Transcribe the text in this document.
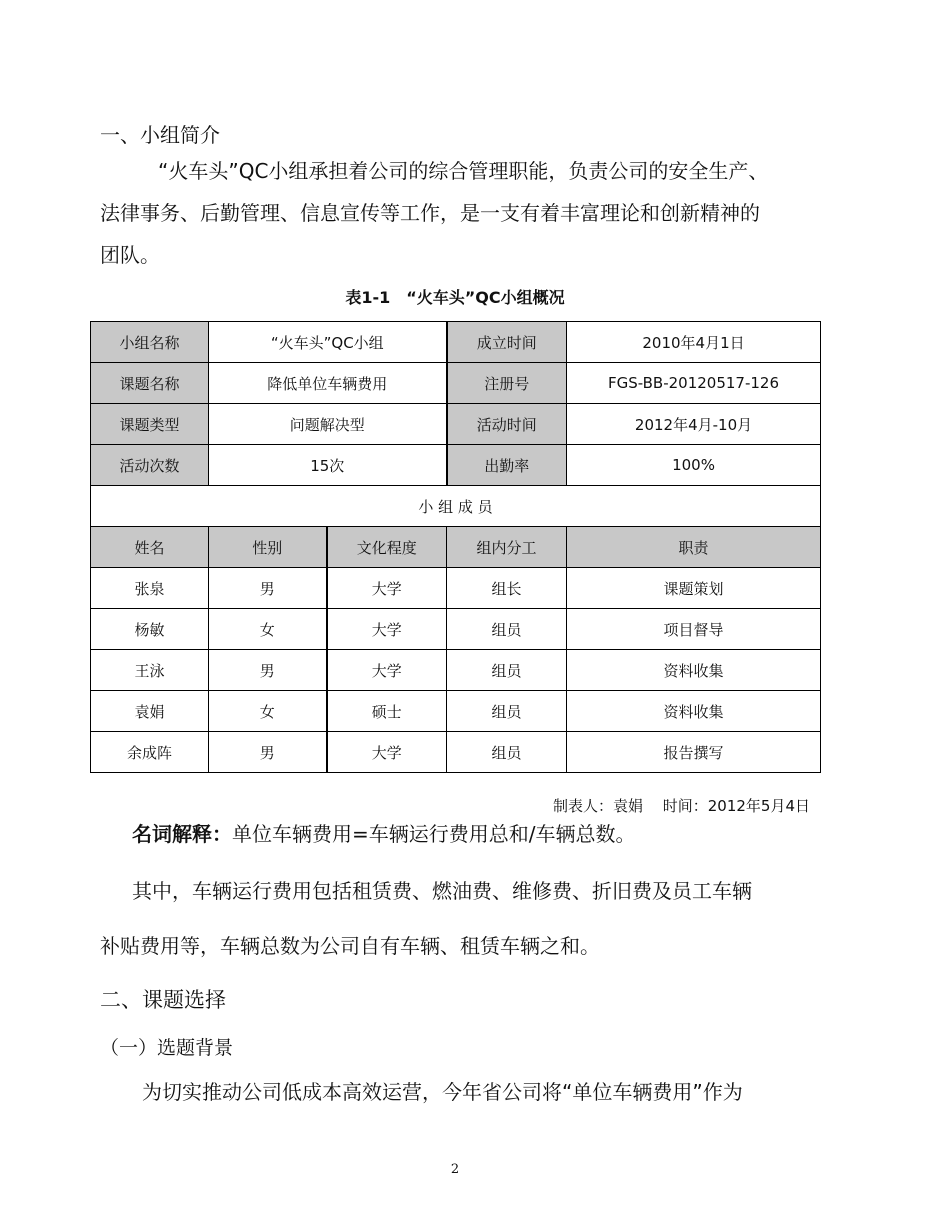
一、小组简介
“火车头”QC小组承担着公司的综合管理职能，负责公司的安全生产、
法律事务、后勤管理、信息宣传等工作，是一支有着丰富理论和创新精神的
团队。
表1-1　“火车头”QC小组概况
小组名称	“火车头”QC小组		成立时间	2010年4月1日
课题名称	降低单位车辆费用		注册号	FGS-BB-20120517-126
课题类型	问题解决型		活动时间	2012年4月-10月
活动次数	15次		出勤率	100%
小 组 成 员				
姓名	性别	文化程度	组内分工	职责
张泉	男	大学	组长	课题策划
杨敏	女	大学	组员	项目督导
王泳	男	大学	组员	资料收集
袁娟	女	硕士	组员	资料收集
余成阵	男	大学	组员	报告撰写
制表人：袁娟　 时间：2012年5月4日
名词解释：单位车辆费用=车辆运行费用总和/车辆总数。
其中，车辆运行费用包括租赁费、燃油费、维修费、折旧费及员工车辆
补贴费用等，车辆总数为公司自有车辆、租赁车辆之和。
二、课题选择
（一）选题背景
为切实推动公司低成本高效运营，今年省公司将“单位车辆费用”作为
2
